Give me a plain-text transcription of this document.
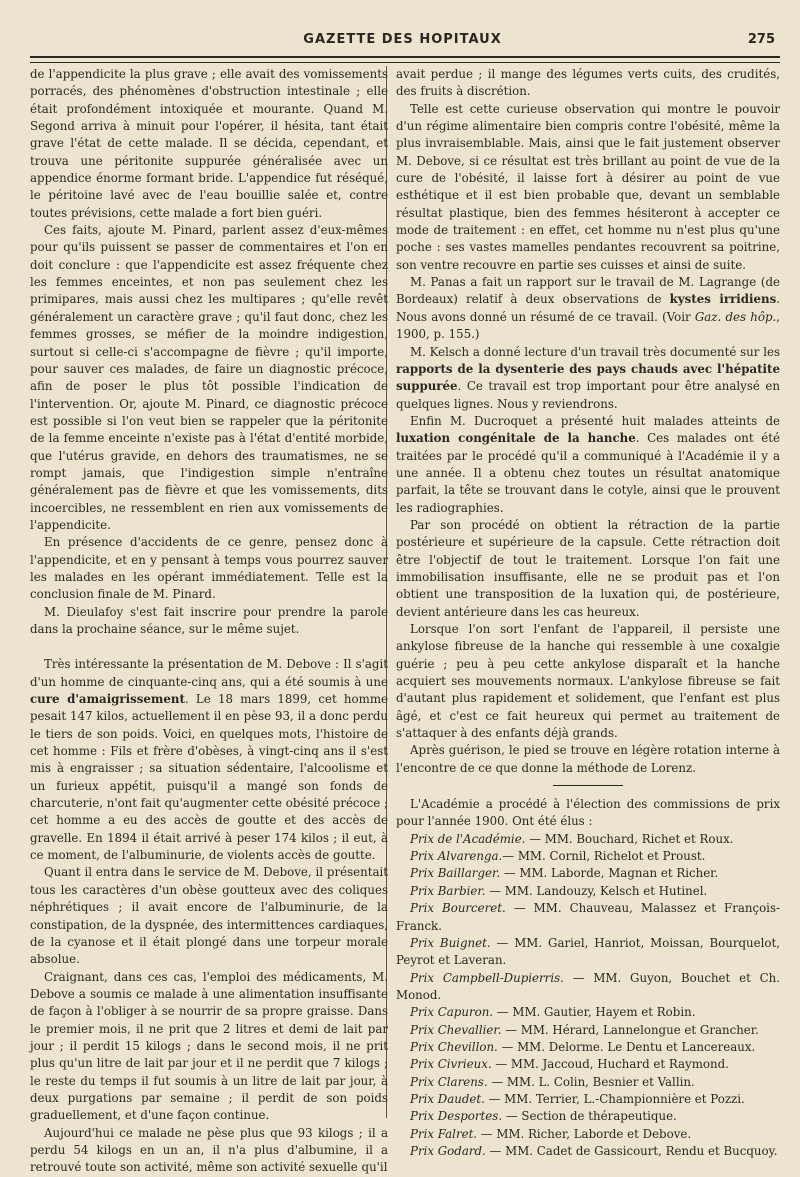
GAZETTE DES HOPITAUX	275

de l'appendicite la plus grave ; elle avait des vomissements porracés, des phénomènes d'obstruction intestinale ; elle était profondément intoxiquée et mourante. Quand M. Segond arriva à minuit pour l'opérer, il hésita, tant était grave l'état de cette malade. Il se décida, cependant, et trouva une péritonite suppurée généralisée avec un appendice énorme formant bride. L'appendice fut réséqué, le péritoine lavé avec de l'eau bouillie salée et, contre toutes prévisions, cette malade a fort bien guéri.

Ces faits, ajoute M. Pinard, parlent assez d'eux-mêmes pour qu'ils puissent se passer de commentaires et l'on en doit conclure : que l'appendicite est assez fréquente chez les femmes enceintes, et non pas seulement chez les primipares, mais aussi chez les multipares ; qu'elle revêt généralement un caractère grave ; qu'il faut donc, chez les femmes grosses, se méfier de la moindre indigestion, surtout si celle-ci s'accompagne de fièvre ; qu'il importe, pour sauver ces malades, de faire un diagnostic précoce, afin de poser le plus tôt possible l'indication de l'intervention. Or, ajoute M. Pinard, ce diagnostic précoce est possible si l'on veut bien se rappeler que la péritonite de la femme enceinte n'existe pas à l'état d'entité morbide, que l'utérus gravide, en dehors des traumatismes, ne se rompt jamais, que l'indigestion simple n'entraîne généralement pas de fièvre et que les vomissements, dits incoercibles, ne ressemblent en rien aux vomissements de l'appendicite.

En présence d'accidents de ce genre, pensez donc à l'appendicite, et en y pensant à temps vous pourrez sauver les malades en les opérant immédiatement. Telle est la conclusion finale de M. Pinard.

M. Dieulafoy s'est fait inscrire pour prendre la parole dans la prochaine séance, sur le même sujet.

Très intéressante la présentation de M. Debove : Il s'agit d'un homme de cinquante-cinq ans, qui a été soumis à une cure d'amaigrissement. Le 18 mars 1899, cet homme pesait 147 kilos, actuellement il en pèse 93, il a donc perdu le tiers de son poids. Voici, en quelques mots, l'histoire de cet homme : Fils et frère d'obèses, à vingt-cinq ans il s'est mis à engraisser ; sa situation sédentaire, l'alcoolisme et un furieux appétit, puisqu'il a mangé son fonds de charcuterie, n'ont fait qu'augmenter cette obésité précoce ; cet homme a eu des accès de goutte et des accès de gravelle. En 1894 il était arrivé à peser 174 kilos ; il eut, à ce moment, de l'albuminurie, de violents accès de goutte.

Quant il entra dans le service de M. Debove, il présentait tous les caractères d'un obèse goutteux avec des coliques néphrétiques ; il avait encore de l'albuminurie, de la constipation, de la dyspnée, des intermittences cardiaques, de la cyanose et il était plongé dans une torpeur morale absolue.

Craignant, dans ces cas, l'emploi des médicaments, M. Debove a soumis ce malade à une alimentation insuffisante de façon à l'obliger à se nourrir de sa propre graisse. Dans le premier mois, il ne prit que 2 litres et demi de lait par jour ; il perdit 15 kilogs ; dans le second mois, il ne prit plus qu'un litre de lait par jour et il ne perdit que 7 kilogs ; le reste du temps il fut soumis à un litre de lait par jour, à deux purgations par semaine ; il perdit de son poids graduellement, et d'une façon continue.

Aujourd'hui ce malade ne pèse plus que 93 kilogs ; il a perdu 54 kilogs en un an, il n'a plus d'albumine, il a retrouvé toute son activité, même son activité sexuelle qu'il

avait perdue ; il mange des légumes verts cuits, des crudités, des fruits à discrétion.

Telle est cette curieuse observation qui montre le pouvoir d'un régime alimentaire bien compris contre l'obésité, même la plus invraisemblable. Mais, ainsi que le fait justement observer M. Debove, si ce résultat est très brillant au point de vue de la cure de l'obésité, il laisse fort à désirer au point de vue esthétique et il est bien probable que, devant un semblable résultat plastique, bien des femmes hésiteront à accepter ce mode de traitement : en effet, cet homme nu n'est plus qu'une poche : ses vastes mamelles pendantes recouvrent sa poitrine, son ventre recouvre en partie ses cuisses et ainsi de suite.

M. Panas a fait un rapport sur le travail de M. Lagrange (de Bordeaux) relatif à deux observations de kystes irridiens. Nous avons donné un résumé de ce travail. (Voir Gaz. des hôp., 1900, p. 155.)

M. Kelsch a donné lecture d'un travail très documenté sur les rapports de la dysenterie des pays chauds avec l'hépatite suppurée. Ce travail est trop important pour être analysé en quelques lignes. Nous y reviendrons.

Enfin M. Ducroquet a présenté huit malades atteints de luxation congénitale de la hanche. Ces malades ont été traitées par le procédé qu'il a communiqué à l'Académie il y a une année. Il a obtenu chez toutes un résultat anatomique parfait, la tête se trouvant dans le cotyle, ainsi que le prouvent les radiographies.

Par son procédé on obtient la rétraction de la partie postérieure et supérieure de la capsule. Cette rétraction doit être l'objectif de tout le traitement. Lorsque l'on fait une immobilisation insuffisante, elle ne se produit pas et l'on obtient une transposition de la luxation qui, de postérieure, devient antérieure dans les cas heureux.

Lorsque l'on sort l'enfant de l'appareil, il persiste une ankylose fibreuse de la hanche qui ressemble à une coxalgie guérie ; peu à peu cette ankylose disparaît et la hanche acquiert ses mouvements normaux. L'ankylose fibreuse se fait d'autant plus rapidement et solidement, que l'enfant est plus âgé, et c'est ce fait heureux qui permet au traitement de s'attaquer à des enfants déjà grands.

Après guérison, le pied se trouve en légère rotation interne à l'encontre de ce que donne la méthode de Lorenz.

L'Académie a procédé à l'élection des commissions de prix pour l'année 1900. Ont été élus :

Prix de l'Académie. — MM. Bouchard, Richet et Roux.

Prix Alvarenga.— MM. Cornil, Richelot et Proust.

Prix Baillarger. — MM. Laborde, Magnan et Richer.

Prix Barbier. — MM. Landouzy, Kelsch et Hutinel.

Prix Bourceret. — MM. Chauveau, Malassez et François-Franck.

Prix Buignet. — MM. Gariel, Hanriot, Moissan, Bourquelot, Peyrot et Laveran.

Prix Campbell-Dupierris. — MM. Guyon, Bouchet et Ch. Monod.

Prix Capuron. — MM. Gautier, Hayem et Robin.

Prix Chevallier. — MM. Hérard, Lannelongue et Grancher.

Prix Chevillon. — MM. Delorme. Le Dentu et Lancereaux.

Prix Civrieux. — MM. Jaccoud, Huchard et Raymond.

Prix Clarens. — MM. L. Colin, Besnier et Vallin.

Prix Daudet. — MM. Terrier, L.-Championnière et Pozzi.

Prix Desportes. — Section de thérapeutique.

Prix Falret. — MM. Richer, Laborde et Debove.

Prix Godard. — MM. Cadet de Gassicourt, Rendu et Bucquoy.
